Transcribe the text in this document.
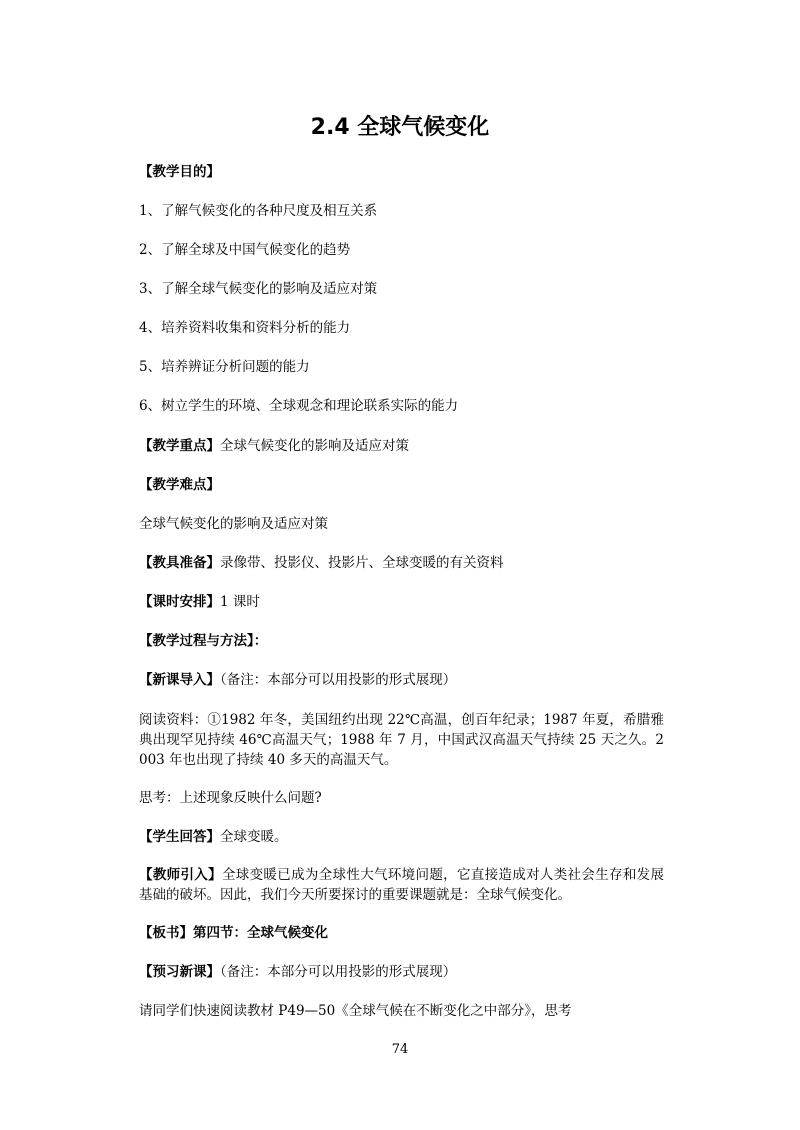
2.4 全球气候变化
【教学目的】
1、了解气候变化的各种尺度及相互关系
2、了解全球及中国气候变化的趋势
3、了解全球气候变化的影响及适应对策
4、培养资料收集和资料分析的能力
5、培养辨证分析问题的能力
6、树立学生的环境、全球观念和理论联系实际的能力
【教学重点】全球气候变化的影响及适应对策
【教学难点】
全球气候变化的影响及适应对策
【教具准备】录像带、投影仪、投影片、全球变暖的有关资料
【课时安排】1 课时
【教学过程与方法】：
【新课导入】（备注：本部分可以用投影的形式展现）
阅读资料：①1982 年冬，美国纽约出现 22℃高温，创百年纪录；1987 年夏，希腊雅典出现罕见持续 46℃高温天气；1988 年 7 月，中国武汉高温天气持续 25 天之久。2003 年也出现了持续 40 多天的高温天气。
思考：上述现象反映什么问题?
【学生回答】全球变暖。
【教师引入】全球变暖已成为全球性大气环境问题，它直接造成对人类社会生存和发展基础的破坏。因此，我们今天所要探讨的重要课题就是：全球气候变化。
【板书】第四节：全球气候变化
【预习新课】（备注：本部分可以用投影的形式展现）
请同学们快速阅读教材 P49—50《全球气候在不断变化之中部分》，思考
74
